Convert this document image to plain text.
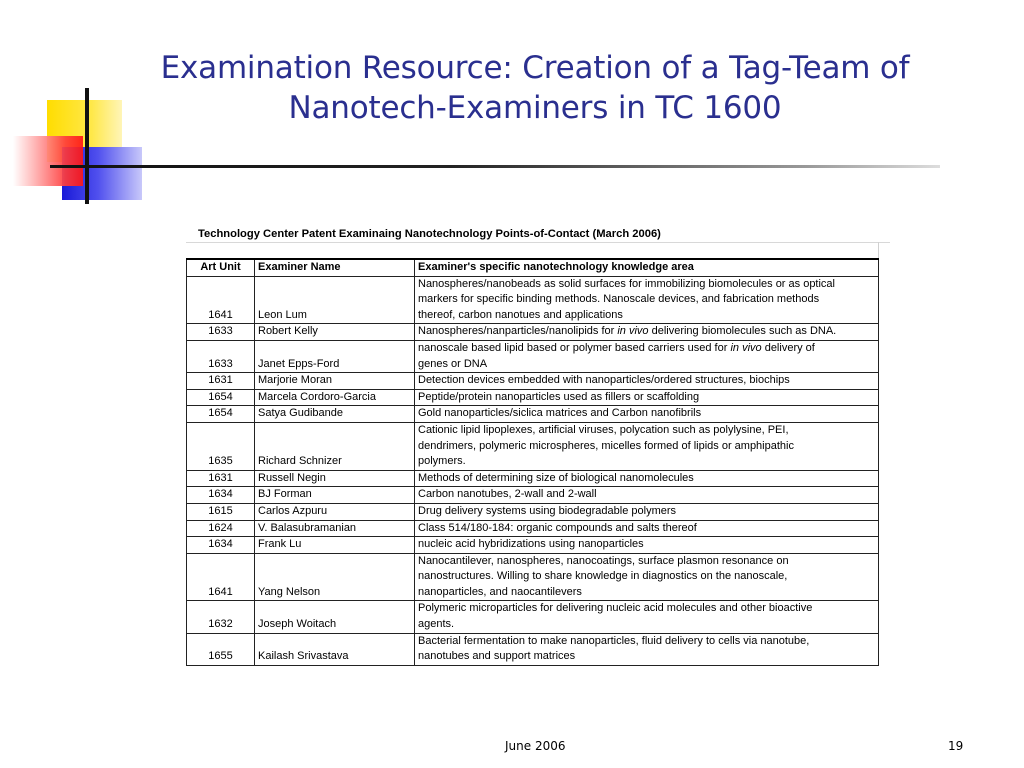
Examination Resource: Creation of a Tag-Team of
Nanotech-Examiners in TC 1600
Technology Center Patent Examinaing Nanotechnology Points-of-Contact (March 2006)
Art Unit	Examiner Name	Examiner's specific nanotechnology knowledge area
1641	Leon Lum	Nanospheres/nanobeads as solid surfaces for immobilizing biomolecules or as optical
markers for specific binding methods. Nanoscale devices, and fabrication methods
thereof, carbon nanotues and applications
1633	Robert Kelly	Nanospheres/nanparticles/nanolipids for in vivo delivering biomolecules such as DNA.

1633	Janet Epps-Ford	nanoscale based lipid based or polymer based carriers used for in vivo delivery of
genes or DNA
1631	Marjorie Moran	Detection devices embedded with nanoparticles/ordered structures, biochips
1654	Marcela Cordoro-Garcia	Peptide/protein nanoparticles used as fillers or scaffolding
1654	Satya Gudibande	Gold nanoparticles/siclica matrices and Carbon nanofibrils
1635	Richard Schnizer	Cationic lipid lipoplexes, artificial viruses, polycation such as polylysine, PEI,
dendrimers, polymeric microspheres, micelles formed of lipids or amphipathic
polymers.
1631	Russell Negin	Methods of determining size of biological nanomolecules
1634	BJ Forman	Carbon nanotubes, 2-wall and 2-wall
1615	Carlos Azpuru	Drug delivery systems using biodegradable polymers
1624	V. Balasubramanian	Class 514/180-184: organic compounds and salts thereof
1634	Frank Lu	nucleic acid hybridizations using nanoparticles
1641	Yang Nelson	Nanocantilever, nanospheres, nanocoatings, surface plasmon resonance on
nanostructures. Willing to share knowledge in diagnostics on the nanoscale,
nanoparticles, and naocantilevers
1632	Joseph Woitach	Polymeric microparticles for delivering nucleic acid molecules and other bioactive
agents.
1655	Kailash Srivastava	Bacterial fermentation to make nanoparticles, fluid delivery to cells via nanotube,
nanotubes and support matrices
June 2006	19
